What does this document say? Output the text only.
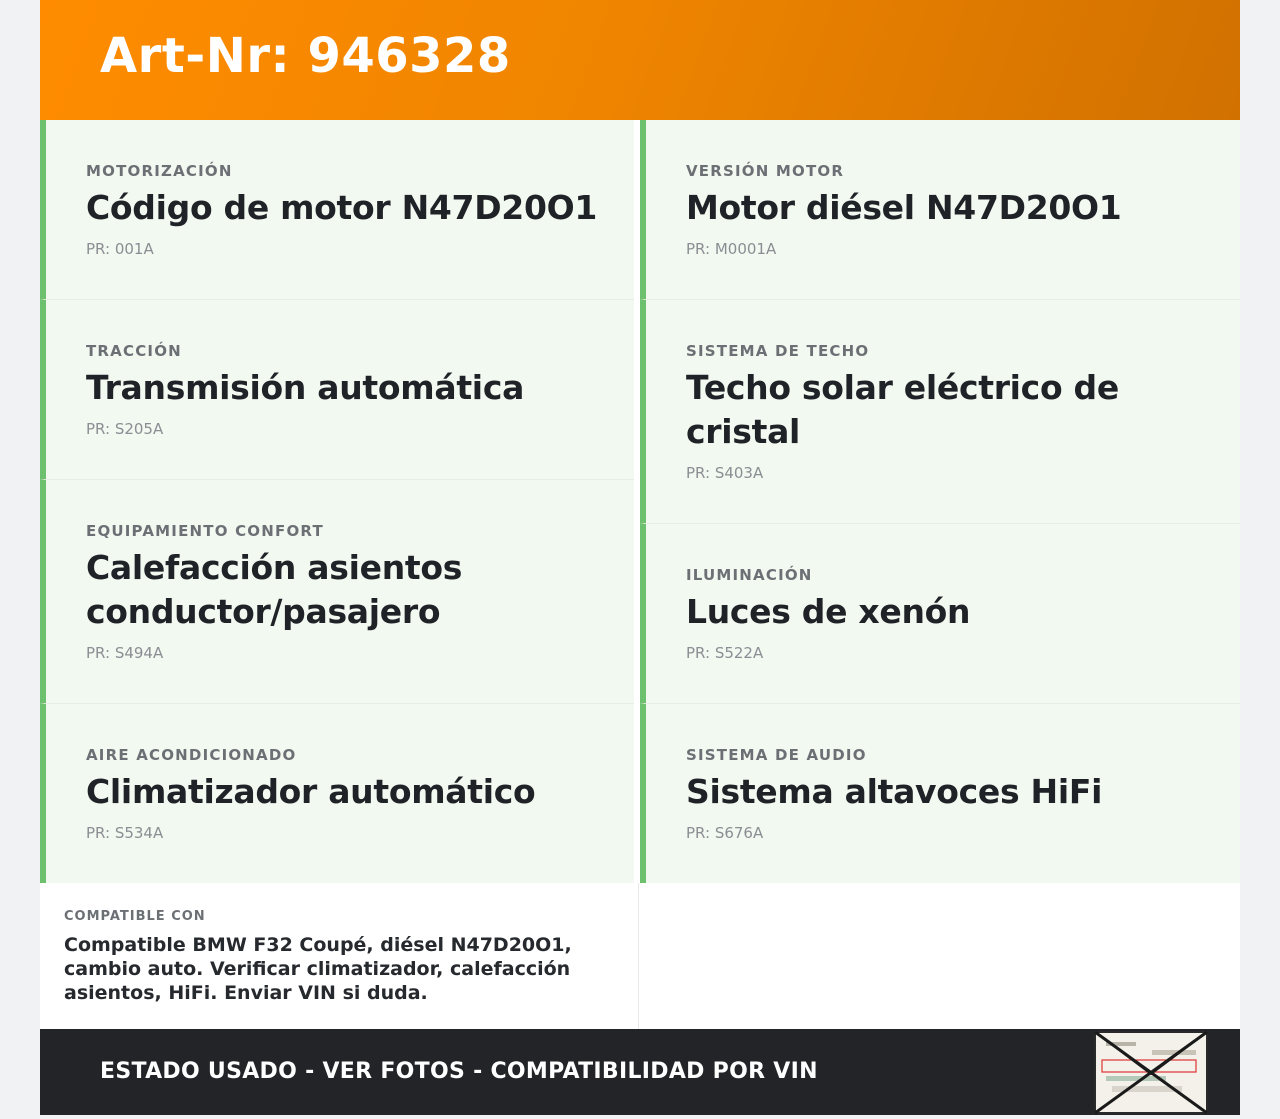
Art-Nr: 946328
MOTORIZACIÓN
Código de motor N47D20O1
PR: 001A
TRACCIÓN
Transmisión automática
PR: S205A
EQUIPAMIENTO CONFORT
Calefacción asientos conductor/pasajero
PR: S494A
AIRE ACONDICIONADO
Climatizador automático
PR: S534A
VERSIÓN MOTOR
Motor diésel N47D20O1
PR: M0001A
SISTEMA DE TECHO
Techo solar eléctrico de cristal
PR: S403A
ILUMINACIÓN
Luces de xenón
PR: S522A
SISTEMA DE AUDIO
Sistema altavoces HiFi
PR: S676A
COMPATIBLE CON
Compatible BMW F32 Coupé, diésel N47D20O1, cambio auto. Verificar climatizador, calefacción asientos, HiFi. Enviar VIN si duda.
ESTADO USADO - VER FOTOS - COMPATIBILIDAD POR VIN
